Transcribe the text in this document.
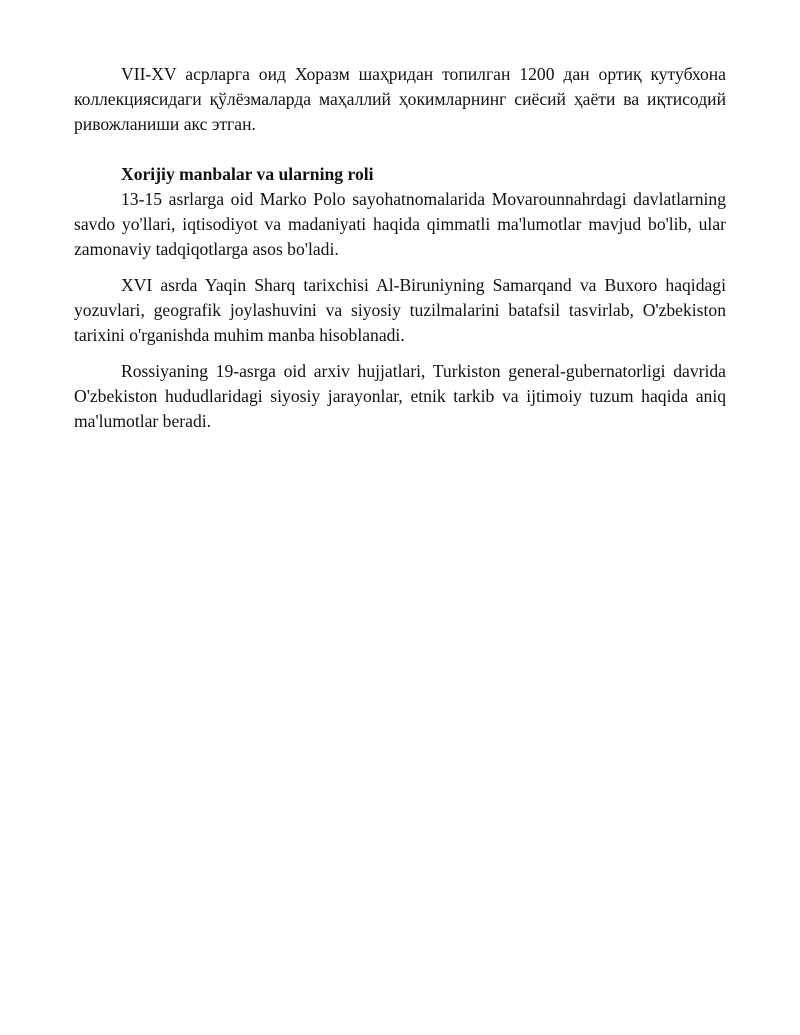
VII-XV асрларга оид Хоразм шаҳридан топилган 1200 дан ортиқ кутубхона коллекциясидаги қўлёзмаларда маҳаллий ҳокимларнинг сиёсий ҳаёти ва иқтисодий ривожланиши акс этган.

Xorijiy manbalar va ularning roli

13-15 asrlarga oid Marko Polo sayohatnomalarida Movarounnahrdagi davlatlarning savdo yo'llari, iqtisodiyot va madaniyati haqida qimmatli ma'lumotlar mavjud bo'lib, ular zamonaviy tadqiqotlarga asos bo'ladi.

XVI asrda Yaqin Sharq tarixchisi Al-Biruniyning Samarqand va Buxoro haqidagi yozuvlari, geografik joylashuvini va siyosiy tuzilmalarini batafsil tasvirlab, O'zbekiston tarixini o'rganishda muhim manba hisoblanadi.

Rossiyaning 19-asrga oid arxiv hujjatlari, Turkiston general-gubernatorligi davrida O'zbekiston hududlaridagi siyosiy jarayonlar, etnik tarkib va ijtimoiy tuzum haqida aniq ma'lumotlar beradi.
